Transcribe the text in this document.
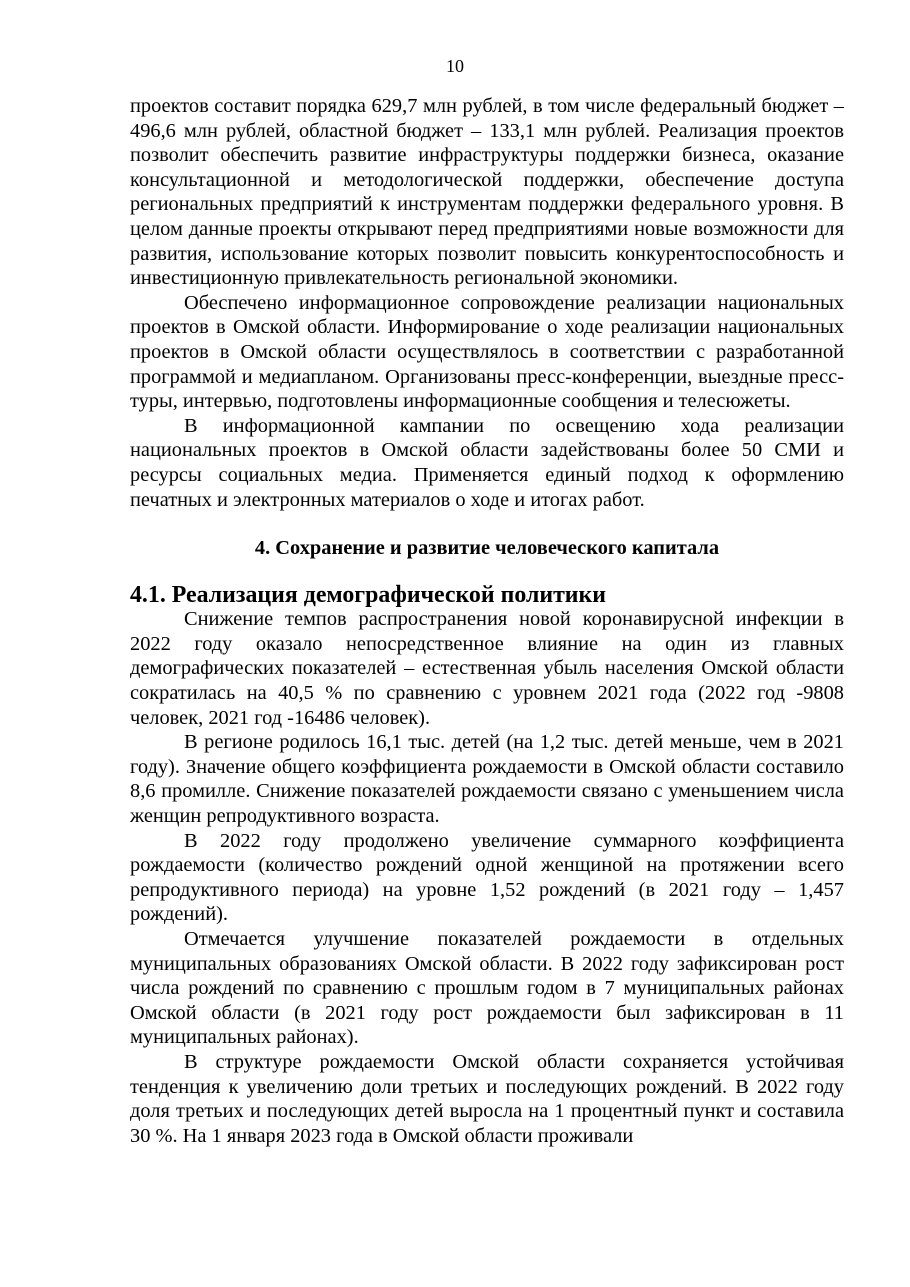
10

проектов составит порядка 629,7 млн рублей, в том числе федеральный бюджет – 496,6 млн рублей, областной бюджет – 133,1 млн рублей. Реализация проектов позволит обеспечить развитие инфраструктуры поддержки бизнеса, оказание консультационной и методологической поддержки, обеспечение доступа региональных предприятий к инструментам поддержки федерального уровня. В целом данные проекты открывают перед предприятиями новые возможности для развития, использование которых позволит повысить конкурентоспособность и инвестиционную привлекательность региональной экономики.

Обеспечено информационное сопровождение реализации национальных проектов в Омской области. Информирование о ходе реализации национальных проектов в Омской области осуществлялось в соответствии с разработанной программой и медиапланом. Организованы пресс-конференции, выездные пресс-туры, интервью, подготовлены информационные сообщения и телесюжеты.

В информационной кампании по освещению хода реализации национальных проектов в Омской области задействованы более 50 СМИ и ресурсы социальных медиа. Применяется единый подход к оформлению печатных и электронных материалов о ходе и итогах работ.

4. Сохранение и развитие человеческого капитала
4.1. Реализация демографической политики

Снижение темпов распространения новой коронавирусной инфекции в 2022 году оказало непосредственное влияние на один из главных демографических показателей – естественная убыль населения Омской области сократилась на 40,5 % по сравнению с уровнем 2021 года (2022 год -9808 человек, 2021 год -16486 человек).

В регионе родилось 16,1 тыс. детей (на 1,2 тыс. детей меньше, чем в 2021 году). Значение общего коэффициента рождаемости в Омской области составило 8,6 промилле. Снижение показателей рождаемости связано с уменьшением числа женщин репродуктивного возраста.

В 2022 году продолжено увеличение суммарного коэффициента рождаемости (количество рождений одной женщиной на протяжении всего репродуктивного периода) на уровне 1,52 рождений (в 2021 году – 1,457 рождений).

Отмечается улучшение показателей рождаемости в отдельных муниципальных образованиях Омской области. В 2022 году зафиксирован рост числа рождений по сравнению с прошлым годом в 7 муниципальных районах Омской области (в 2021 году рост рождаемости был зафиксирован в 11 муниципальных районах).

В структуре рождаемости Омской области сохраняется устойчивая тенденция к увеличению доли третьих и последующих рождений. В 2022 году доля третьих и последующих детей выросла на 1 процентный пункт и составила 30 %. На 1 января 2023 года в Омской области проживали
